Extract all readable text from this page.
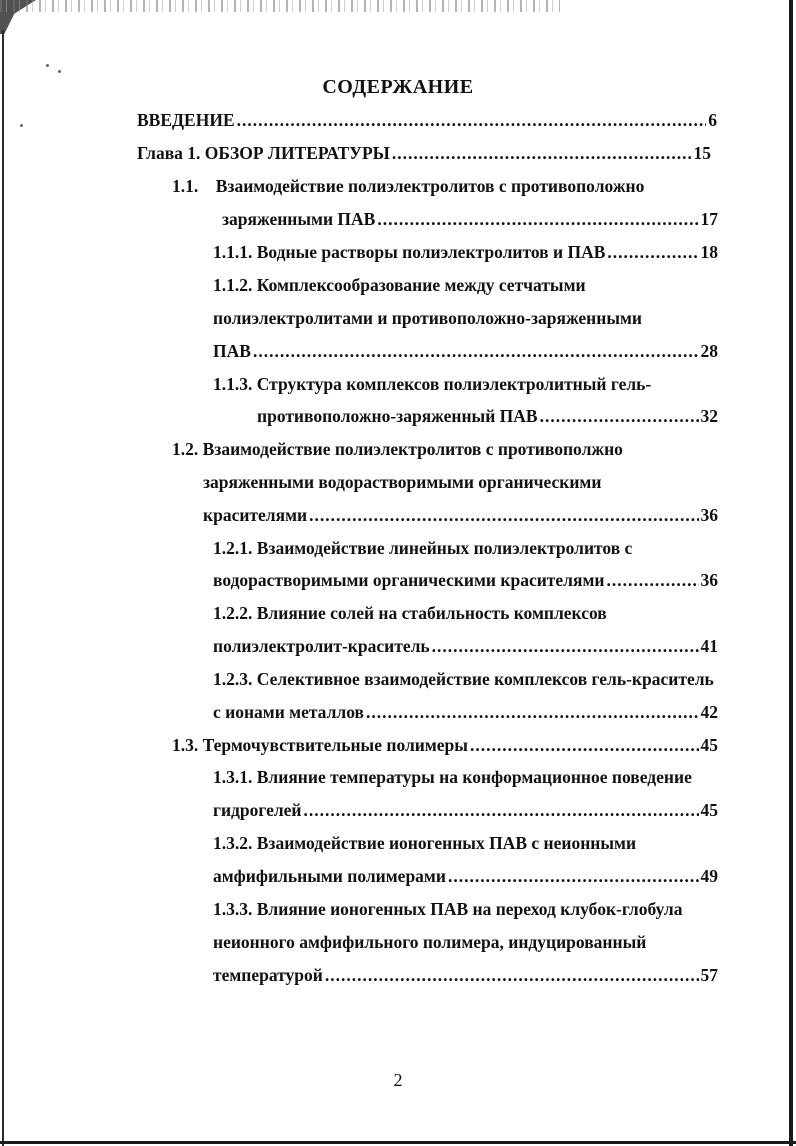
СОДЕРЖАНИЕ
ВВЕДЕНИЕ .....	6
Глава 1. ОБЗОР ЛИТЕРАТУРЫ .....	15
1.1.    Взаимодействие полиэлектролитов с противоположно
заряженными ПАВ .....	17
1.1.1. Водные растворы полиэлектролитов и ПАВ .....	18
1.1.2. Комплексообразование между сетчатыми
полиэлектролитами и противоположно-заряженными
ПАВ .....	28
1.1.3. Структура комплексов полиэлектролитный гель-
противоположно-заряженный ПАВ .....	32
1.2. Взаимодействие полиэлектролитов с противополжно
заряженными водорастворимыми органическими
красителями .....	36
1.2.1. Взаимодействие линейных полиэлектролитов с
водорастворимыми органическими красителями .....	36
1.2.2. Влияние солей на стабильность комплексов
полиэлектролит-краситель .....	41
1.2.3. Селективное взаимодействие комплексов гель-краситель
с ионами металлов .....	42
1.3. Термочувствительные полимеры .....	45
1.3.1. Влияние температуры на конформационное поведение
гидрогелей .....	45
1.3.2. Взаимодействие ионогенных ПАВ с неионными
амфифильными полимерами .....	49
1.3.3. Влияние ионогенных ПАВ на переход клубок-глобула
неионного амфифильного полимера, индуцированный
температурой .....	57
2
